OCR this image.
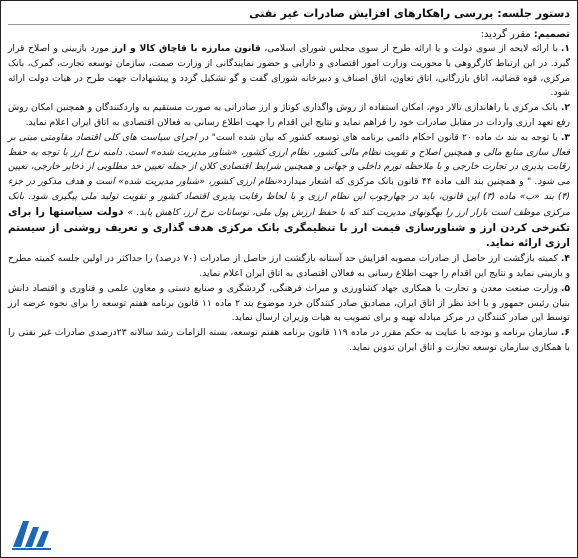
دستور جلسه:
بررسی راهکارهای افزایش صادرات غیر نفتی
تصمیم:مقرر گردید:

۱.با ارائه لایحه از سوی دولت و یا ارائه طرح از سوی مجلس شورای اسلامی، قانون مبارزه با قاچاق کالا و ارز مورد بازبینی و اصلاح قرار گیرد. در این ارتباط کارگروهی با محوریت وزارت امور اقتصادی و دارایی و حضور نمایندگانی از وزارت صمت، سازمان توسعه تجارت، گمرک، بانک مرکزی، قوه قضائیه، اتاق بازرگانی، اتاق تعاون، اتاق اصناف و دبیرخانه شورای گفت و گو تشکیل گردد و پیشنهادات جهت طرح در هیات دولت ارائه شود.

۲.بانک مرکزی با راهاندازی تالار دوم، امکان استفاده از روش واگذاری کوتاژ و ارز صادراتی به صورت مستقیم به واردکنندگان و همچنین امکان روش رفع تعهد ارزی واردات در مقابل صادرات خود را فراهم نماید و نتایج این اقدام را جهت اطلاع رسانی به فعالان اقتصادی به اتاق ایران اعلام نماید.

۳.با توجه به بند ث ماده ۲۰ قانون احکام دائمی برنامه های توسعه کشور که بیان شده است" در اجرای سیاست های کلی اقتصاد مقاومتی مبنی بر فعال سازی منابع مالی و همچنین اصلاح و تقویت نظام مالی کشور، نظام ارزی کشور، «شناور مدیریت شده» است. دامنه نرخ ارز با توجه به حفظ رقابت پذیری در تجارت خارجی و با ملاحظه تورم داخلی و جهانی و همچنین شرایط اقتصادی کلان از جمله تعیین حد مطلوبی از ذخایر خارجی، تعیین می شود. " و همچنین بند الف ماده ۴۴ قانون بانک مرکزی که اشعار میدارد«نظام ارزی کشور، «شناور مدیریت شده» است و هدف مذکور در جزء (۴) بند «ب» ماده (۳) این قانون، باید در چهارچوب این نظام ارزی و با لحاظ رقابت پذیری اقتصاد کشور و تقویت تولید ملی پیگیری شود. بانک مرکزی موظف است بازار ارز را بهگونهای مدیریت کند که با حفظ ارزش پول ملی، نوسانات نرخ ارز، کاهش یابد. » دولت سیاستها را برای تکنرخی کردن ارز و شناورسازی قیمت ارز با تنظیمگری بانک مرکزی هدف گذاری و تعریف روشنی از سیستم ارزی ارائه نماید.

۴.کمیته بازگشت ارز حاصل از صادرات مصوبه افزایش حد آستانه بازگشت ارز حاصل از صادرات (۷۰ درصد) را حداکثر در اولین جلسه کمیته مطرح و بازبینی نماید و نتایج این اقدام را جهت اطلاع رسانی به فعالان اقتصادی به اتاق ایران اعلام نماید.

۵.وزارت صنعت معدن و تجارت با همکاری جهاد کشاورزی و میراث فرهنگی، گردشگری و صنایع دستی و معاون علمی و فناوری و اقتصاد دانش بنیان رئیس جمهور و با اخذ نظر از اتاق ایران، مصادیق صادر کنندگان خرد موضوع بند ۲ ماده ۱۱ قانون برنامه هفتم توسعه را برای نحوه عرضه ارز توسط این صادر کنندگان در مرکز مبادله تهیه و برای تصویب به هیات وزیران ارسال نماید.

۶.سازمان برنامه و بودجه با عنایت به حکم مقرر در ماده ۱۱۹ قانون برنامه هفتم توسعه، بسته الزامات رشد سالانه ۲۳درصدی صادرات غیر نفتی را با همکاری سازمان توسعه تجارت و اتاق ایران تدوین نماید.
